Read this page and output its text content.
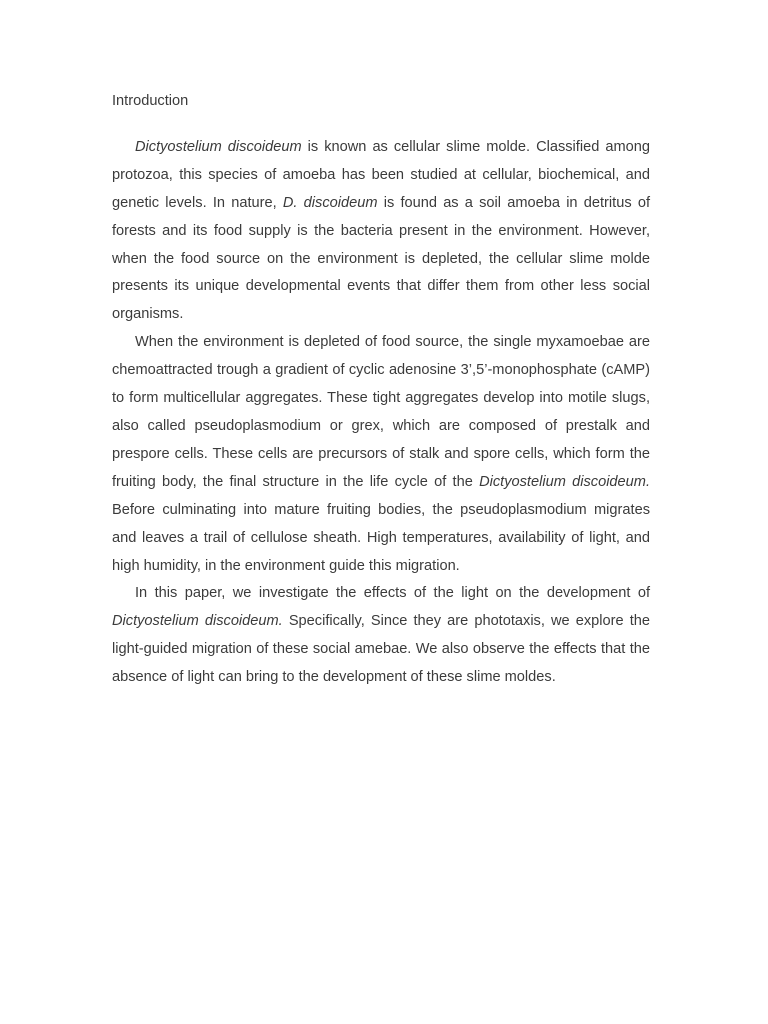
Introduction

Dictyostelium discoideum is known as cellular slime molde. Classified among protozoa, this species of amoeba has been studied at cellular, biochemical, and genetic levels. In nature, D. discoideum is found as a soil amoeba in detritus of forests and its food supply is the bacteria present in the environment. However, when the food source on the environment is depleted, the cellular slime molde presents its unique developmental events that differ them from other less social organisms.

When the environment is depleted of food source, the single myxamoebae are chemoattracted trough a gradient of cyclic adenosine 3’,5’-monophosphate (cAMP) to form multicellular aggregates. These tight aggregates develop into motile slugs, also called pseudoplasmodium or grex, which are composed of prestalk and prespore cells. These cells are precursors of stalk and spore cells, which form the fruiting body, the final structure in the life cycle of the Dictyostelium discoideum. Before culminating into mature fruiting bodies, the pseudoplasmodium migrates and leaves a trail of cellulose sheath. High temperatures, availability of light, and high humidity, in the environment guide this migration.

In this paper, we investigate the effects of the light on the development of Dictyostelium discoideum. Specifically, Since they are phototaxis, we explore the light-guided migration of these social amebae. We also observe the effects that the absence of light can bring to the development of these slime moldes.
